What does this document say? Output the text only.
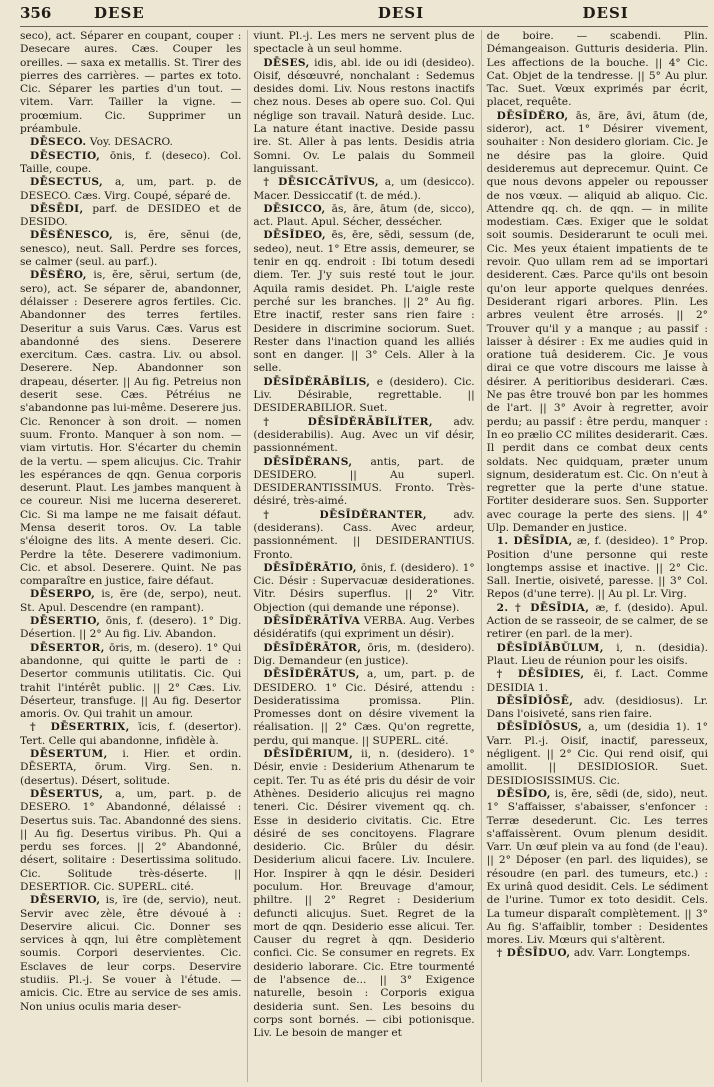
356	DESE	DESI	DESI

seco), act. Séparer en coupant, couper : Desecare aures. Cæs. Couper les oreilles. — saxa ex metallis. St. Tirer des pierres des carrières. — partes ex toto. Cic. Séparer les parties d'un tout. — vitem. Varr. Tailler la vigne. — proœmium. Cic. Supprimer un préambule.

DĒSECO. Voy. DESACRO.

DĒSECTIO, ōnis, f. (deseco). Col. Taille, coupe.

DĒSECTUS, a, um, part. p. de DESECO. Cæs. Virg. Coupé, séparé de.

DĒSĒDI, parf. de DESIDEO et de DESIDO.

DĒSĔNESCO, is, ĕre, sĕnui (de, senesco), neut. Sall. Perdre ses forces, se calmer (seul. au parf.).

DĒSĔRO, is, ĕre, sĕrui, sertum (de, sero), act. Se séparer de, abandonner, délaisser : Deserere agros fertiles. Cic. Abandonner des terres fertiles. Deseritur a suis Varus. Cæs. Varus est abandonné des siens. Deserere exercitum. Cæs. castra. Liv. ou absol. Deserere. Nep. Abandonner son drapeau, déserter. || Au fig. Petreius non deserit sese. Cæs. Pétréius ne s'abandonne pas lui-même. Deserere jus. Cic. Renoncer à son droit. — nomen suum. Fronto. Manquer à son nom. — viam virtutis. Hor. S'écarter du chemin de la vertu. — spem alicujus. Cic. Trahir les espérances de qqn. Genua corporis deserunt. Plaut. Les jambes manquent à ce coureur. Nisi me lucerna desereret. Cic. Si ma lampe ne me faisait défaut. Mensa deserit toros. Ov. La table s'éloigne des lits. A mente deseri. Cic. Perdre la tête. Deserere vadimonium. Cic. et absol. Deserere. Quint. Ne pas comparaître en justice, faire défaut.

DĒSERPO, is, ĕre (de, serpo), neut. St. Apul. Descendre (en rampant).

DĒSERTIO, ōnis, f. (desero). 1° Dig. Désertion. || 2° Au fig. Liv. Abandon.

DĒSERTOR, ōris, m. (desero). 1° Qui abandonne, qui quitte le parti de : Desertor communis utilitatis. Cic. Qui trahit l'intérêt public. || 2° Cæs. Liv. Déserteur, transfuge. || Au fig. Desertor amoris. Ov. Qui trahit un amour.

† DĒSERTRIX, īcis, f. (desertor). Tert. Celle qui abandonne, infidèle à.

DĒSERTUM, i. Hier. et ordin. DĒSERTA, ōrum. Virg. Sen. n. (desertus). Désert, solitude.

DĒSERTUS, a, um, part. p. de DESERO. 1° Abandonné, délaissé : Desertus suis. Tac. Abandonné des siens. || Au fig. Desertus viribus. Ph. Qui a perdu ses forces. || 2° Abandonné, désert, solitaire : Desertissima solitudo. Cic. Solitude très-déserte. || DESERTIOR. Cic. SUPERL. cité.

DĒSERVIO, is, īre (de, servio), neut. Servir avec zèle, être dévoué à : Deservire alicui. Cic. Donner ses services à qqn, lui être complètement soumis. Corpori deservientes. Cic. Esclaves de leur corps. Deservire studiis. Pl.-j. Se vouer à l'étude. — amicis. Cic. Etre au service de ses amis. Non unius oculis maria deser-

viunt. Pl.-j. Les mers ne servent plus de spectacle à un seul homme.

DĒSES, idis, abl. ide ou idi (desideo). Oisif, désœuvré, nonchalant : Sedemus desides domi. Liv. Nous restons inactifs chez nous. Deses ab opere suo. Col. Qui néglige son travail. Naturâ deside. Luc. La nature étant inactive. Deside passu ire. St. Aller à pas lents. Desidis atria Somni. Ov. Le palais du Sommeil languissant.

† DĒSICCĀTĪVUS, a, um (desicco). Macer. Dessiccatif (t. de méd.).

DĒSICCO, ās, āre, ātum (de, sicco), act. Plaut. Apul. Sécher, dessécher.

DĒSĬDEO, ēs, ēre, sēdi, sessum (de, sedeo), neut. 1° Etre assis, demeurer, se tenir en qq. endroit : Ibi totum desedi diem. Ter. J'y suis resté tout le jour. Aquila ramis desidet. Ph. L'aigle reste perché sur les branches. || 2° Au fig. Etre inactif, rester sans rien faire : Desidere in discrimine sociorum. Suet. Rester dans l'inaction quand les alliés sont en danger. || 3° Cels. Aller à la selle.

DĒSĪDĔRĀBĬLIS, e (desidero). Cic. Liv. Désirable, regrettable. || DESIDERABILIOR. Suet.

† DĒSĪDĔRĀBĬLĬTER, adv. (desiderabilis). Aug. Avec un vif désir, passionnément.

DĒSĪDĔRANS, antis, part. de DESIDERO. || Au superl. DESIDERANTISSIMUS. Fronto. Très-désiré, très-aimé.

† DĒSĪDĔRANTER, adv. (desiderans). Cass. Avec ardeur, passionnément. || DESIDERANTIUS. Fronto.

DĒSĪDĔRĀTIO, ōnis, f. (desidero). 1° Cic. Désir : Supervacuæ desiderationes. Vitr. Désirs superflus. || 2° Vitr. Objection (qui demande une réponse).

DĒSĪDĔRĀTĪVA VERBA. Aug. Verbes désidératifs (qui expriment un désir).

DĒSĪDĔRĀTOR, ōris, m. (desidero). Dig. Demandeur (en justice).

DĒSĪDĔRĀTUS, a, um, part. p. de DESIDERO. 1° Cic. Désiré, attendu : Desideratissima promissa. Plin. Promesses dont on désire vivement la réalisation. || 2° Cæs. Qu'on regrette, perdu, qui manque. || SUPERL. cité.

DĒSĪDĔRIUM, ii, n. (desidero). 1° Désir, envie : Desiderium Athenarum te cepit. Ter. Tu as été pris du désir de voir Athènes. Desiderio alicujus rei magno teneri. Cic. Désirer vivement qq. ch. Esse in desiderio civitatis. Cic. Etre désiré de ses concitoyens. Flagrare desiderio. Cic. Brûler du désir. Desiderium alicui facere. Liv. Inculere. Hor. Inspirer à qqn le désir. Desideri poculum. Hor. Breuvage d'amour, philtre. || 2° Regret : Desiderium defuncti alicujus. Suet. Regret de la mort de qqn. Desiderio esse alicui. Ter. Causer du regret à qqn. Desiderio confici. Cic. Se consumer en regrets. Ex desiderio laborare. Cic. Etre tourmenté de l'absence de... || 3° Exigence naturelle, besoin : Corporis exigua desideria sunt. Sen. Les besoins du corps sont bornés. — cibi potionisque. Liv. Le besoin de manger et

de boire. — scabendi. Plin. Démangeaison. Gutturis desideria. Plin. Les affections de la bouche. || 4° Cic. Cat. Objet de la tendresse. || 5° Au plur. Tac. Suet. Vœux exprimés par écrit, placet, requête.

DĒSĪDĔRO, ās, āre, āvi, ātum (de, sideror), act. 1° Désirer vivement, souhaiter : Non desidero gloriam. Cic. Je ne désire pas la gloire. Quid desideremus aut deprecemur. Quint. Ce que nous devons appeler ou repousser de nos vœux. — aliquid ab aliquo. Cic. Attendre qq. ch. de qqn. — in milite modestiam. Cæs. Exiger que le soldat soit soumis. Desiderarunt te oculi mei. Cic. Mes yeux étaient impatients de te revoir. Quo ullam rem ad se importari desiderent. Cæs. Parce qu'ils ont besoin qu'on leur apporte quelques denrées. Desiderant rigari arbores. Plin. Les arbres veulent être arrosés. || 2° Trouver qu'il y a manque ; au passif : laisser à désirer : Ex me audies quid in oratione tuâ desiderem. Cic. Je vous dirai ce que votre discours me laisse à désirer. A peritioribus desiderari. Cæs. Ne pas être trouvé bon par les hommes de l'art. || 3° Avoir à regretter, avoir perdu; au passif : être perdu, manquer : In eo prælio CC milites desiderarit. Cæs. Il perdit dans ce combat deux cents soldats. Nec quidquam, præter unum signum, desideratum est. Cic. On n'eut à regretter que la perte d'une statue. Fortiter desiderare suos. Sen. Supporter avec courage la perte des siens. || 4° Ulp. Demander en justice.

1. DĒSĪDIA, æ, f. (desideo). 1° Prop. Position d'une personne qui reste longtemps assise et inactive. || 2° Cic. Sall. Inertie, oisiveté, paresse. || 3° Col. Repos (d'une terre). || Au pl. Lr. Virg.

2. † DĒSĪDIA, æ, f. (desido). Apul. Action de se rasseoir, de se calmer, de se retirer (en parl. de la mer).

DĒSĪDĬĀBŬLUM, i, n. (desidia). Plaut. Lieu de réunion pour les oisifs.

† DĒSĪDIES, ēi, f. Lact. Comme DESIDIA 1.

DĒSĪDĬŌSĒ, adv. (desidiosus). Lr. Dans l'oisiveté, sans rien faire.

DĒSĪDĬŌSUS, a, um (desidia 1). 1° Varr. Pl.-j. Oisif, inactif, paresseux, négligent. || 2° Cic. Qui rend oisif, qui amollit. || DESIDIOSIOR. Suet. DESIDIOSISSIMUS. Cic.

DĒSĪDO, is, ĕre, sēdi (de, sido), neut. 1° S'affaisser, s'abaisser, s'enfoncer : Terræ desederunt. Cic. Les terres s'affaissèrent. Ovum plenum desidit. Varr. Un œuf plein va au fond (de l'eau). || 2° Déposer (en parl. des liquides), se résoudre (en parl. des tumeurs, etc.) : Ex urinâ quod desidit. Cels. Le sédiment de l'urine. Tumor ex toto desidit. Cels. La tumeur disparaît complètement. || 3° Au fig. S'affaiblir, tomber : Desidentes mores. Liv. Mœurs qui s'altèrent.

† DĒSĪDUO, adv. Varr. Longtemps.
